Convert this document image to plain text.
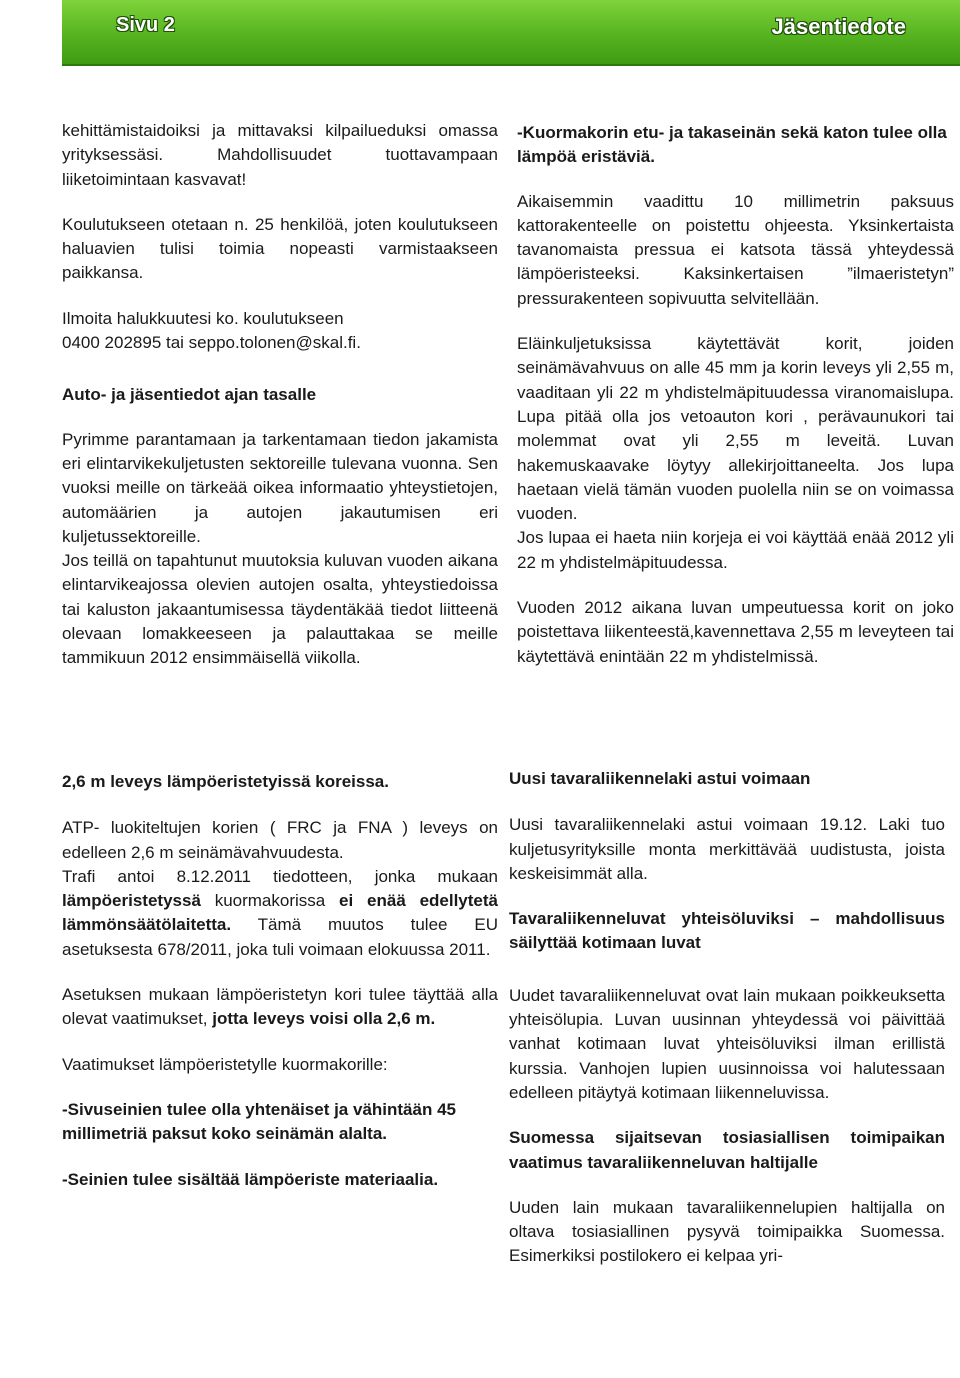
Sivu 2	Jäsentiedote

kehittämistaidoiksi ja mittavaksi kilpailueduksi omassa yrityksessäsi. Mahdollisuudet tuottavampaan liiketoimintaan kasvavat!

Koulutukseen otetaan n. 25 henkilöä, joten koulutukseen haluavien tulisi toimia nopeasti varmistaakseen paikkansa.

Ilmoita halukkuutesi ko. koulutukseen
0400 202895 tai seppo.tolonen@skal.fi.

Auto- ja jäsentiedot ajan tasalle

Pyrimme parantamaan ja tarkentamaan tiedon jakamista eri elintarvikekuljetusten sektoreille tulevana vuonna. Sen vuoksi meille on tärkeää oikea informaatio yhteystietojen, automäärien ja autojen jakautumisen eri kuljetussektoreille.

Jos teillä on tapahtunut muutoksia kuluvan vuoden aikana elintarvikeajossa olevien autojen osalta, yhteystiedoissa tai kaluston jakaantumisessa täydentäkää tiedot liitteenä olevaan lomakkeeseen ja palauttakaa se meille tammikuun 2012 ensimmäisellä viikolla.

-Kuormakorin etu- ja takaseinän sekä katon tulee olla lämpöä eristäviä.

Aikaisemmin vaadittu 10 millimetrin paksuus kattorakenteelle on poistettu ohjeesta. Yksinkertaista tavanomaista pressua ei katsota tässä yhteydessä lämpöeristeeksi. Kaksinkertaisen ”ilmaeristetyn” pressurakenteen sopivuutta selvitellään.

Eläinkuljetuksissa käytettävät korit, joiden seinämävahvuus on alle 45 mm ja korin leveys yli 2,55 m, vaaditaan yli 22 m yhdistelmäpituudessa viranomaislupa. Lupa pitää olla jos vetoauton kori , perävaunukori tai molemmat ovat yli 2,55 m leveitä. Luvan hakemuskaavake löytyy allekirjoittaneelta. Jos lupa haetaan vielä tämän vuoden puolella niin se on voimassa vuoden.

Jos lupaa ei haeta niin korjeja ei voi käyttää enää 2012 yli 22 m yhdistelmäpituudessa.

Vuoden 2012 aikana luvan umpeutuessa korit on joko poistettava liikenteestä,kavennettava 2,55 m leveyteen tai käytettävä enintään 22 m yhdistelmissä.

2,6 m leveys lämpöeristetyissä koreissa.

ATP- luokiteltujen korien ( FRC ja FNA ) leveys on edelleen 2,6 m seinämävahvuudesta.
Trafi antoi 8.12.2011 tiedotteen, jonka mukaan lämpöeristetyssä kuormakorissa ei enää edellytetä lämmönsäätölaitetta. Tämä muutos tulee EU asetuksesta 678/2011, joka tuli voimaan elokuussa 2011.

Asetuksen mukaan lämpöeristetyn kori tulee täyttää alla olevat vaatimukset, jotta leveys voisi olla 2,6 m.

Vaatimukset lämpöeristetylle kuormakorille:

-Sivuseinien tulee olla yhtenäiset ja vähintään 45 millimetriä paksut koko seinämän alalta.

-Seinien tulee sisältää lämpöeriste materiaalia.

Uusi tavaraliikennelaki astui voimaan

Uusi tavaraliikennelaki astui voimaan 19.12. Laki tuo kuljetusyrityksille monta merkittävää uudistusta, joista keskeisimmät alla.

Tavaraliikenneluvat yhteisöluviksi – mahdollisuus säilyttää kotimaan luvat

Uudet tavaraliikenneluvat ovat lain mukaan poikkeuksetta yhteisölupia. Luvan uusinnan yhteydessä voi päivittää vanhat kotimaan luvat yhteisöluviksi ilman erillistä kurssia. Vanhojen lupien uusinnoissa voi halutessaan edelleen pitäytyä kotimaan liikenneluvissa.

Suomessa sijaitsevan tosiasiallisen toimipaikan vaatimus tavaraliikenneluvan haltijalle

Uuden lain mukaan tavaraliikennelupien haltijalla on oltava tosiasiallinen pysyvä toimipaikka Suomessa. Esimerkiksi postilokero ei kelpaa yri-
